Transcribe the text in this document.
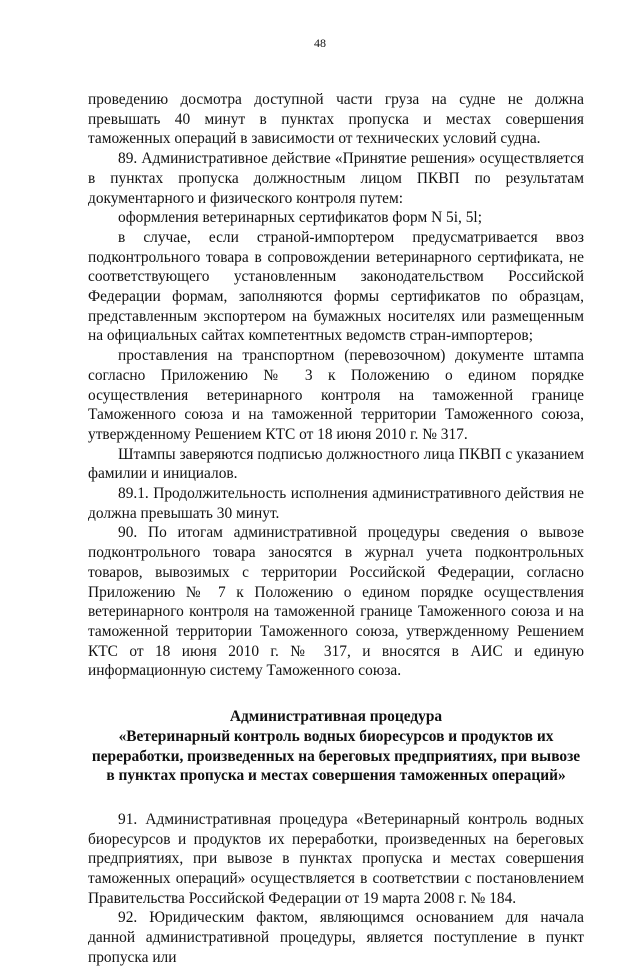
48

проведению досмотра доступной части груза на судне не должна превышать 40 минут в пунктах пропуска и местах совершения таможенных операций в зависимости от технических условий судна.

89. Административное действие «Принятие решения» осуществляется в пунктах пропуска должностным лицом ПКВП по результатам документарного и физического контроля путем:

оформления ветеринарных сертификатов форм N 5i, 5l;

в случае, если страной-импортером предусматривается ввоз подконтрольного товара в сопровождении ветеринарного сертификата, не соответствующего установленным законодательством Российской Федерации формам, заполняются формы сертификатов по образцам, представленным экспортером на бумажных носителях или размещенным на официальных сайтах компетентных ведомств стран-импортеров;

проставления на транспортном (перевозочном) документе штампа согласно Приложению № 3 к Положению о едином порядке осуществления ветеринарного контроля на таможенной границе Таможенного союза и на таможенной территории Таможенного союза, утвержденному Решением КТС от 18 июня 2010 г. № 317.

Штампы заверяются подписью должностного лица ПКВП с указанием фамилии и инициалов.

89.1. Продолжительность исполнения административного действия не должна превышать 30 минут.

90. По итогам административной процедуры сведения о вывозе подконтрольного товара заносятся в журнал учета подконтрольных товаров, вывозимых с территории Российской Федерации, согласно Приложению № 7 к Положению о едином порядке осуществления ветеринарного контроля на таможенной границе Таможенного союза и на таможенной территории Таможенного союза, утвержденному Решением КТС от 18 июня 2010 г. № 317, и вносятся в АИС и единую информационную систему Таможенного союза.

Административная процедура

«Ветеринарный контроль водных биоресурсов и продуктов их переработки, произведенных на береговых предприятиях, при вывозе в пунктах пропуска и местах совершения таможенных операций»

91. Административная процедура «Ветеринарный контроль водных биоресурсов и продуктов их переработки, произведенных на береговых предприятиях, при вывозе в пунктах пропуска и местах совершения таможенных операций» осуществляется в соответствии с постановлением Правительства Российской Федерации от 19 марта 2008 г. № 184.

92. Юридическим фактом, являющимся основанием для начала данной административной процедуры, является поступление в пункт пропуска или
